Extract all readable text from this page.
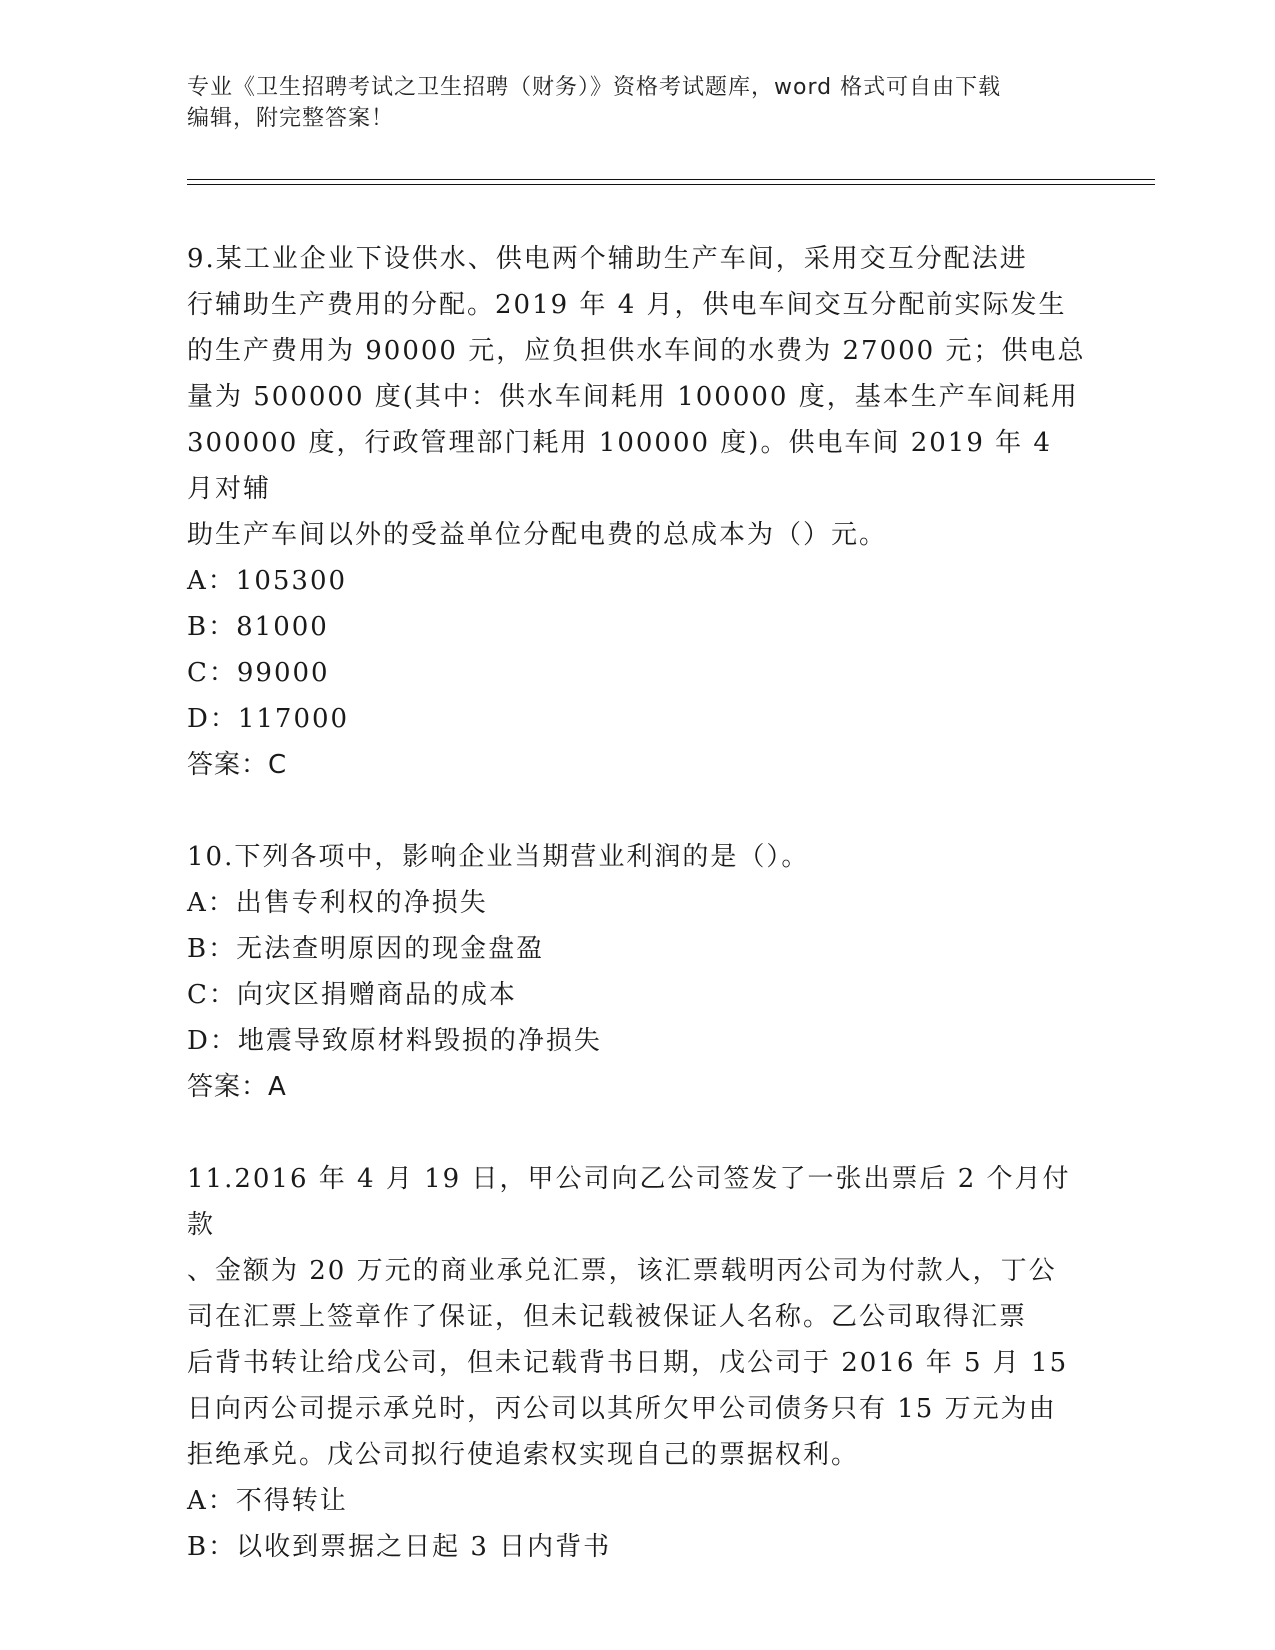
专业《卫生招聘考试之卫生招聘（财务）》资格考试题库，word 格式可自由下载
编辑，附完整答案！
9.某工业企业下设供水、供电两个辅助生产车间，采用交互分配法进
行辅助生产费用的分配。2019 年 4 月，供电车间交互分配前实际发生
的生产费用为 90000 元，应负担供水车间的水费为 27000 元；供电总
量为 500000 度(其中：供水车间耗用 100000 度，基本生产车间耗用
300000 度，行政管理部门耗用 100000 度)。供电车间 2019 年 4 月对辅
助生产车间以外的受益单位分配电费的总成本为（）元。
A：105300
B：81000
C：99000
D：117000
答案：C
10.下列各项中，影响企业当期营业利润的是（）。
A：出售专利权的净损失
B：无法查明原因的现金盘盈
C：向灾区捐赠商品的成本
D：地震导致原材料毁损的净损失
答案：A
11.2016 年 4 月 19 日，甲公司向乙公司签发了一张出票后 2 个月付款
、金额为 20 万元的商业承兑汇票，该汇票载明丙公司为付款人，丁公
司在汇票上签章作了保证，但未记载被保证人名称。乙公司取得汇票
后背书转让给戊公司，但未记载背书日期，戊公司于 2016 年 5 月 15
日向丙公司提示承兑时，丙公司以其所欠甲公司债务只有 15 万元为由
拒绝承兑。戊公司拟行使追索权实现自己的票据权利。
A：不得转让
B：以收到票据之日起 3 日内背书
